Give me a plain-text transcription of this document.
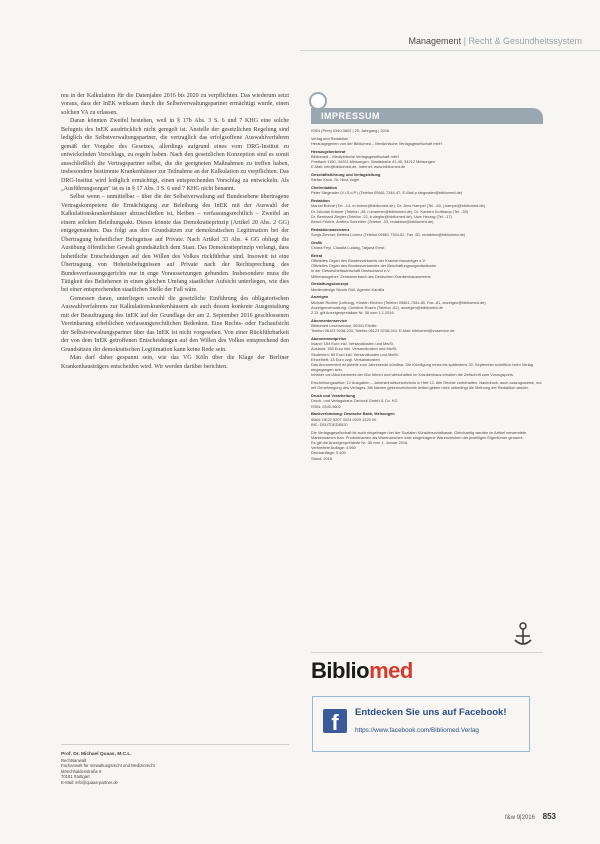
Management | Recht & Gesundheitssystem

reu in der Kalkulation für die Datenjahre 2016 bis 2020 zu verpflichten. Das wiederum setzt voraus, dass der InEK wirksam durch die Selbstverwaltungspartner ermächtigt wurde, einen solchen VA zu erlassen.

Daran könnten Zweifel bestehen, weil in § 17b Abs. 3 S. 6 und 7 KHG eine solche Befugnis des InEK ausdrücklich nicht geregelt ist. Anstelle der gesetzlichen Regelung sind lediglich die Selbstverwaltungspartner, die vertraglich das erfolgsoffene Auswahlverfahren gemäß der Vorgabe des Gesetzes, allerdings aufgrund eines vom DRG-Institut zu entwickelnden Vorschlags, zu regeln haben. Nach den gesetzlichen Konzeption sind es somit ausschließlich die Vertragspartner selbst, die die geeigneten Maßnahmen zu treffen haben, insbesondere bestimmte Krankenhäuser zur Teilnahme an der Kalkulation zu verpflichten. Das DRG-Institut wird lediglich ermächtigt, einen entsprechenden Vorschlag zu entwickeln. Als „Ausführungsorgan" ist es in § 17 Abs. 3 S. 6 und 7 KHG nicht benannt.

Selbst wenn – unmittelbar – über die der Selbstverwaltung auf Bundesebene übertragene Vertragskompetenz die Ermächtigung zur Beleihung des InEK mit der Auswahl der Kalkulationskrankenhäuser abzuschließen ist, bleiben – verfassungsrechtlich – Zweifel an einem solchen Beleihungsakt. Dieses könnte das Demokratieprinzip (Artikel 20 Abs. 2 GG) entgegenstehen. Das folgt aus den Grundsätzen zur demokratischen Legitimation bei der Übertragung hoheitlicher Befugnisse auf Private. Nach Artikel 33 Abs. 4 GG obliegt die Ausübung öffentlicher Gewalt grundsätzlich dem Staat. Das Demokratieprinzip verlangt, dass hoheitliche Entscheidungen auf den Willen des Volkes rückführbar sind. Insoweit ist eine Übertragung von Hoheitsbefugnissen auf Private nach der Rechtsprechung des Bundesverfassungsgerichts nur in enge Voraussetzungen gebunden. Insbesondere muss die Tätigkeit des Beliehenen in einen gleichen Umfang staatlicher Aufsicht unterliegen, wie dies bei einer entsprechenden staatlichen Stelle der Fall wäre.

Gemessen daran, unterliegen sowohl die gesetzliche Einführung des obligatorischen Auswahlverfahrens zur Kalkulationskrankenhäusern als auch dessen konkrete Ausgestaltung mit der Beauftragung des InEK auf der Grundlage der am 2. September 2016 geschlossenen Vereinbarung erheblichen verfassungsrechtlichen Bedenken. Eine Rechts- oder Fachaufsicht der Selbstverwaltungspartner über das InEK ist nicht vorgesehen. Von einer Rückführbarkeit der von dem InEK getroffenen Entscheidungen auf den Willen des Volkes entsprechend den Grundsätzen der demokratischen Legitimation kann keine Rede sein.

Man darf daher gespannt sein, wie das VG Köln über die Klage der Berliner Krankenhausträgers entscheiden wird. Wir werden darüber berichten.

Prof. Dr. Michael Quaas, M.C.L.
Rechtsanwalt
Fachanwalt für Verwaltungsrecht und Medizinrecht
Mönchhaldenstraße 8
70191 Stuttgart
E-Mail: info@quaas-partner.de
IMPRESSUM
ISSN (Print) 0340-3602 | 25. Jahrgang | 2016
Verlag und Redaktion
Herausgegeben von der Bibliomed – Medizinische Verlagsgesellschaft mbH
Herausgeberbeirat
Bibliomed – Medizinische Verlagsgesellschaft mbH
Postfach 1150, 34201 Melsungen, Stadtstraße 41-45, 34212 Melsungen
E-Mail: info@bibliomed.de, Internet: www.bibliomed.de
Geschäftsführung und Verlagsleitung
Stefan Koch, Dr. Nina Vogel
Chefredaktion
Peter Stegmaier (V.i.S.d.P.) (Telefon 05661 7344-47, E-Mail p.stegmaier@bibliomed.de)
Redaktion
Marcel Bohne (Tel. -14, m.bohne@bibliomed.de), Dr. Jens Hampel (Tel. -63, j.hampel@bibliomed.de)
Dr. Nicolas Krämer (Telefon -45, n.kraemer@bibliomed.de), Dr. Karsten Kortkamp (Tel. -35)
Dr. Bernhard Ziegler (Telefon -22, b.ziegler@bibliomed.de), Uwe Herzog (Tel. -17)
Bernd Frölich, Andrea Schreiber (Telefon -33, redaktion@bibliomed.de)
Redaktionsassistenz
Sonja Zimmer, Bettina Lorenz (Telefon 05661 7344-52, Fax -50, redaktion@bibliomed.de)
Grafik
Chiara Feyl, Claudia Ludwig, Tatjana Ernst
Beirat
Offizielles Organ des Bundesverbands der Krankenhausträger e.V.
Offizielles Organ des Bundesverbandes der Beschaffungsorganisationen
in der Gesundheitswirtschaft Deutschland e.V.
Mitherausgeber: Zentralverband des Deutschen Krankenhauswesens
Gestaltungskonzept
Mediendesign Nicole Roll, Agentur Kamilla
Anzeigen
Michael Richter (Leitung), Kirsten Kirchen (Telefon 05661 7344-80, Fax -81, anzeigen@bibliomed.de)
Anzeigenverwaltung: Christine Rosen (Telefon -82), anzeigen@bibliomed.de
Z.Zt. gilt Anzeigenpreisliste Nr. 38 vom 1.1.2016
Abonnentenservice
Bibliomed Leserservice, 65341 Eltville
Telefon 06123 9238-203, Telefax 06123 9238-244, E-Mail: bibliomed@vuservice.de
Abonnementpreise
Inland: 154 Euro inkl. Versandkosten und MwSt.
Ausland: 158 Euro inkl. Versandkosten und MwSt.
Studenten: 66 Euro inkl. Versandkosten und MwSt.
Einzelheft: 13 Euro zzgl. Versandkosten
Das Abonnement ist jeweils zum Jahresende kündbar. Die Kündigung muss bis spätestens 30. September schriftlich beim Verlag eingegangen sein.
Inhaber von Abonnements der f&w führen und wirtschaften im Krankenhaus erhalten die Zeitschrift zum Vorzugspreis.
Erscheinungsweise: 12 Ausgaben – Jahresinhaltsverzeichnis in Heft 12. Alle Rechte vorbehalten. Nachdruck, auch auszugsweise, nur mit Genehmigung des Verlages. Mit Namen gekennzeichnete Artikel geben nicht unbedingt die Meinung der Redaktion wieder.
Druck und Verarbeitung
Druck- und Verlagshaus Zarbock GmbH & Co. KG
ISSN: 0340-3602
Bankverbindung: Deutsche Bank, Melsungen
IBAN: DE22 5207 0024 0029 1520 00
BIC: DEUTDEDB520
Die Verlagsgesellschaft ist auch eingetragen bei der Sozialen Künstlersozialkasse. Gleichzeitig werden im Artikel verwendete Markennamen bzw. Produktnamen als Warenzeichen oder eingetragene Warenzeichen der jeweiligen Eigentümer genannt.
Es gilt die Anzeigenpreisliste Nr. 38 vom 1. Januar 2016.
Verbreitete Auflage: 4.960
Druckauflage: 5.400
Stand: 2016
Bibliomed
f	Entdecken Sie uns auf Facebook!
https://www.facebook.com/Bibliomed.Verlag
f&w 9|2016 853
